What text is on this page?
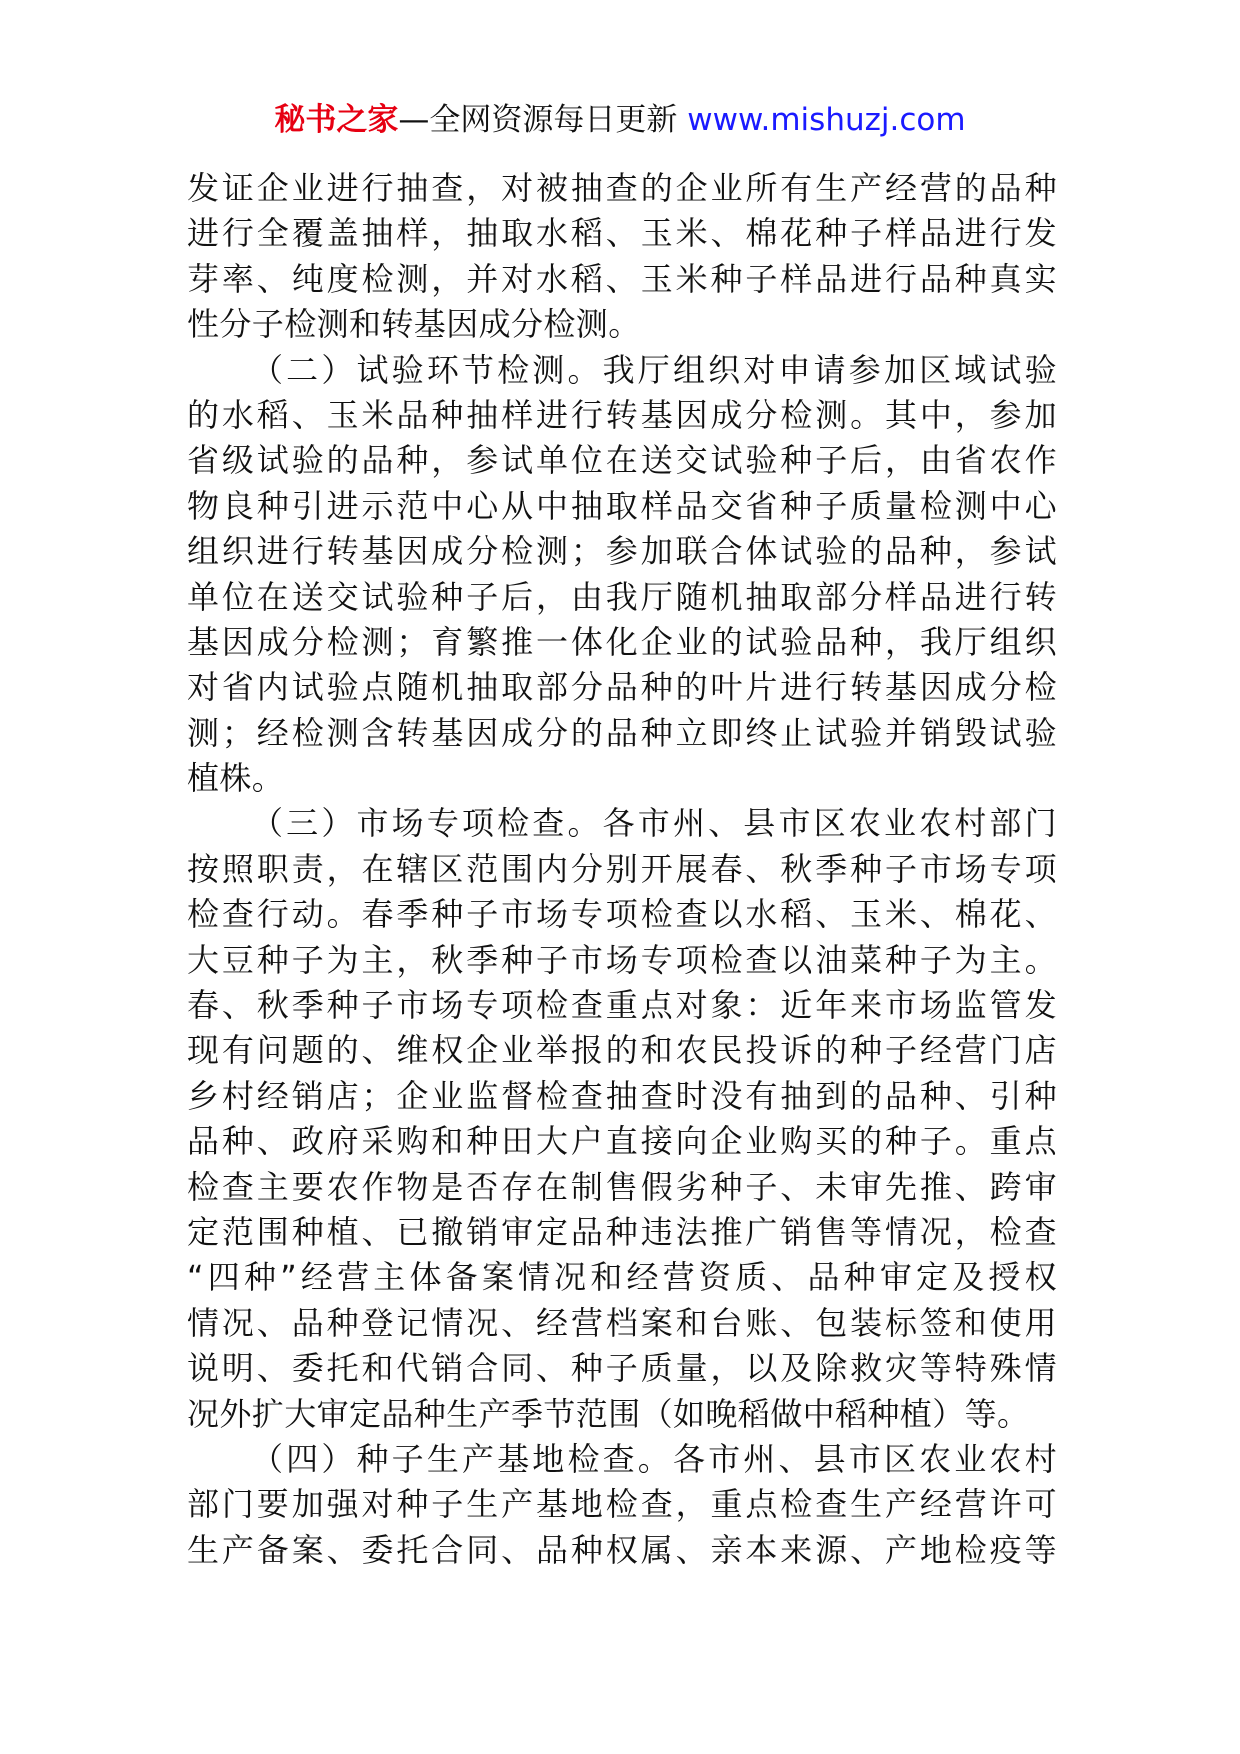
秘书之家—全网资源每日更新 www.mishuzj.com
发证企业进行抽查，对被抽查的企业所有生产经营的品种
进行全覆盖抽样，抽取水稻、玉米、棉花种子样品进行发
芽率、纯度检测，并对水稻、玉米种子样品进行品种真实
性分子检测和转基因成分检测。
（二）试验环节检测。我厅组织对申请参加区域试验
的水稻、玉米品种抽样进行转基因成分检测。其中，参加
省级试验的品种，参试单位在送交试验种子后，由省农作
物良种引进示范中心从中抽取样品交省种子质量检测中心
组织进行转基因成分检测；参加联合体试验的品种，参试
单位在送交试验种子后，由我厅随机抽取部分样品进行转
基因成分检测；育繁推一体化企业的试验品种，我厅组织
对省内试验点随机抽取部分品种的叶片进行转基因成分检
测；经检测含转基因成分的品种立即终止试验并销毁试验
植株。
（三）市场专项检查。各市州、县市区农业农村部门
按照职责，在辖区范围内分别开展春、秋季种子市场专项
检查行动。春季种子市场专项检查以水稻、玉米、棉花、
大豆种子为主，秋季种子市场专项检查以油菜种子为主。
春、秋季种子市场专项检查重点对象：近年来市场监管发
现有问题的、维权企业举报的和农民投诉的种子经营门店
乡村经销店；企业监督检查抽查时没有抽到的品种、引种
品种、政府采购和种田大户直接向企业购买的种子。重点
检查主要农作物是否存在制售假劣种子、未审先推、跨审
定范围种植、已撤销审定品种违法推广销售等情况，检查
“四种”经营主体备案情况和经营资质、品种审定及授权
情况、品种登记情况、经营档案和台账、包装标签和使用
说明、委托和代销合同、种子质量，以及除救灾等特殊情
况外扩大审定品种生产季节范围（如晚稻做中稻种植）等。
（四）种子生产基地检查。各市州、县市区农业农村
部门要加强对种子生产基地检查，重点检查生产经营许可
生产备案、委托合同、品种权属、亲本来源、产地检疫等
